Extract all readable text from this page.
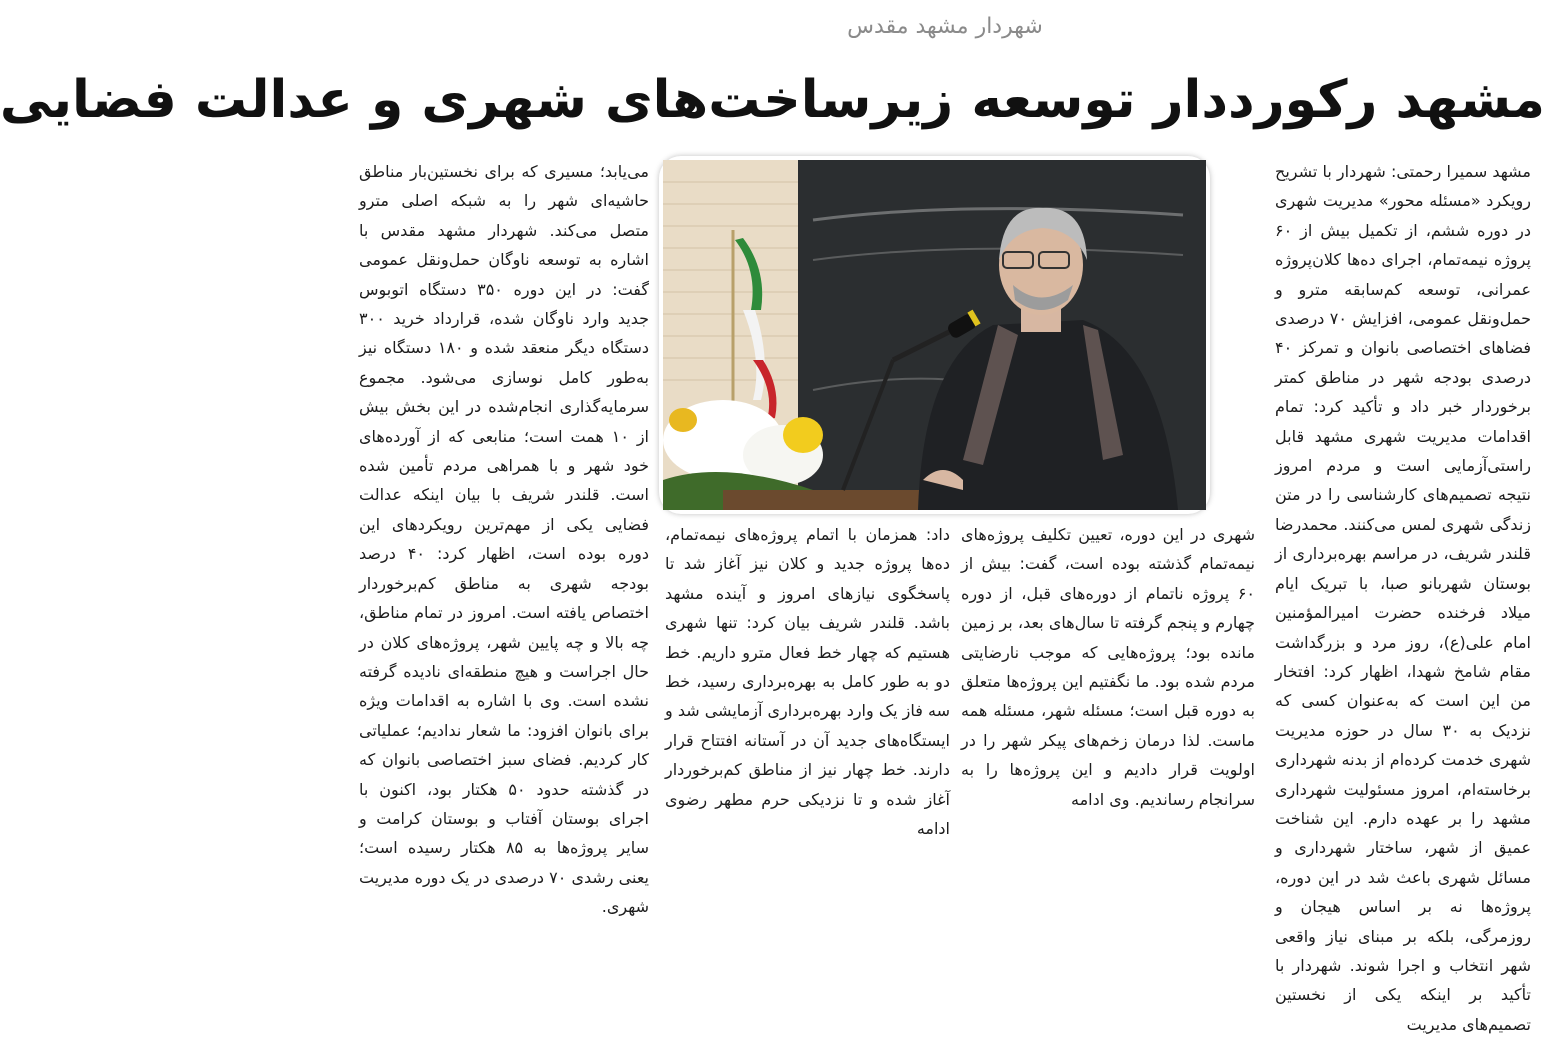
شهردار مشهد مقدس
مشهد رکورددار توسعه زیرساخت‌های شهری و عدالت فضایی

مشهد سمیرا رحمتی: شهردار با تشریح رویکرد «مسئله محور» مدیریت شهری در دوره ششم، از تکمیل بیش از ۶۰ پروژه نیمه‌تمام، اجرای ده‌ها کلان‌پروژه عمرانی، توسعه کم‌سابقه مترو و حمل‌ونقل عمومی، افزایش ۷۰ درصدی فضاهای اختصاصی بانوان و تمرکز ۴۰ درصدی بودجه شهر در مناطق کمتر برخوردار خبر داد و تأکید کرد: تمام اقدامات مدیریت شهری مشهد قابل راستی‌آزمایی است و مردم امروز نتیجه تصمیم‌های کارشناسی را در متن زندگی شهری لمس می‌کنند. محمدرضا قلندر شریف، در مراسم بهره‌برداری از بوستان شهربانو صبا، با تبریک ایام میلاد فرخنده حضرت امیرالمؤمنین امام علی(ع)، روز مرد و بزرگداشت مقام شامخ شهدا، اظهار کرد: افتخار من این است که به‌عنوان کسی که نزدیک به ۳۰ سال در حوزه مدیریت شهری خدمت کرده‌ام از بدنه شهرداری برخاسته‌ام، امروز مسئولیت شهرداری مشهد را بر عهده دارم. این شناخت عمیق از شهر، ساختار شهرداری و مسائل شهری باعث شد در این دوره، پروژه‌ها نه بر اساس هیجان و روزمرگی، بلکه بر مبنای نیاز واقعی شهر انتخاب و اجرا شوند. شهردار با تأکید بر اینکه یکی از نخستین تصمیم‌های مدیریت

شهری در این دوره، تعیین تکلیف پروژه‌های نیمه‌تمام گذشته بوده است، گفت: بیش از ۶۰ پروژه ناتمام از دوره‌های قبل، از دوره چهارم و پنجم گرفته تا سال‌های بعد، بر زمین مانده بود؛ پروژه‌هایی که موجب نارضایتی مردم شده بود. ما نگفتیم این پروژه‌ها متعلق به دوره قبل است؛ مسئله شهر، مسئله همه ماست. لذا درمان زخم‌های پیکر شهر را در اولویت قرار دادیم و این پروژه‌ها را به سرانجام رساندیم. وی ادامه

داد: همزمان با اتمام پروژه‌های نیمه‌تمام، ده‌ها پروژه جدید و کلان نیز آغاز شد تا پاسخگوی نیازهای امروز و آینده مشهد باشد. قلندر شریف بیان کرد: تنها شهری هستیم که چهار خط فعال مترو داریم. خط دو به طور کامل به بهره‌برداری رسید، خط سه فاز یک وارد بهره‌برداری آزمایشی شد و ایستگاه‌های جدید آن در آستانه افتتاح قرار دارند. خط چهار نیز از مناطق کم‌برخوردار آغاز شده و تا نزدیکی حرم مطهر رضوی ادامه

می‌یابد؛ مسیری که برای نخستین‌بار مناطق حاشیه‌ای شهر را به شبکه اصلی مترو متصل می‌کند. شهردار مشهد مقدس با اشاره به توسعه ناوگان حمل‌ونقل عمومی گفت: در این دوره ۳۵۰ دستگاه اتوبوس جدید وارد ناوگان شده، قرارداد خرید ۳۰۰ دستگاه دیگر منعقد شده و ۱۸۰ دستگاه نیز به‌طور کامل نوسازی می‌شود. مجموع سرمایه‌گذاری انجام‌شده در این بخش بیش از ۱۰ همت است؛ منابعی که از آورده‌های خود شهر و با همراهی مردم تأمین شده است. قلندر شریف با بیان اینکه عدالت فضایی یکی از مهم‌ترین رویکردهای این دوره بوده است، اظهار کرد: ۴۰ درصد بودجه شهری به مناطق کم‌برخوردار اختصاص یافته است. امروز در تمام مناطق، چه بالا و چه پایین شهر، پروژه‌های کلان در حال اجراست و هیچ منطقه‌ای نادیده گرفته نشده است. وی با اشاره به اقدامات ویژه برای بانوان افزود: ما شعار ندادیم؛ عملیاتی کار کردیم. فضای سبز اختصاصی بانوان که در گذشته حدود ۵۰ هکتار بود، اکنون با اجرای بوستان آفتاب و بوستان کرامت و سایر پروژه‌ها به ۸۵ هکتار رسیده است؛ یعنی رشدی ۷۰ درصدی در یک دوره مدیریت شهری.
